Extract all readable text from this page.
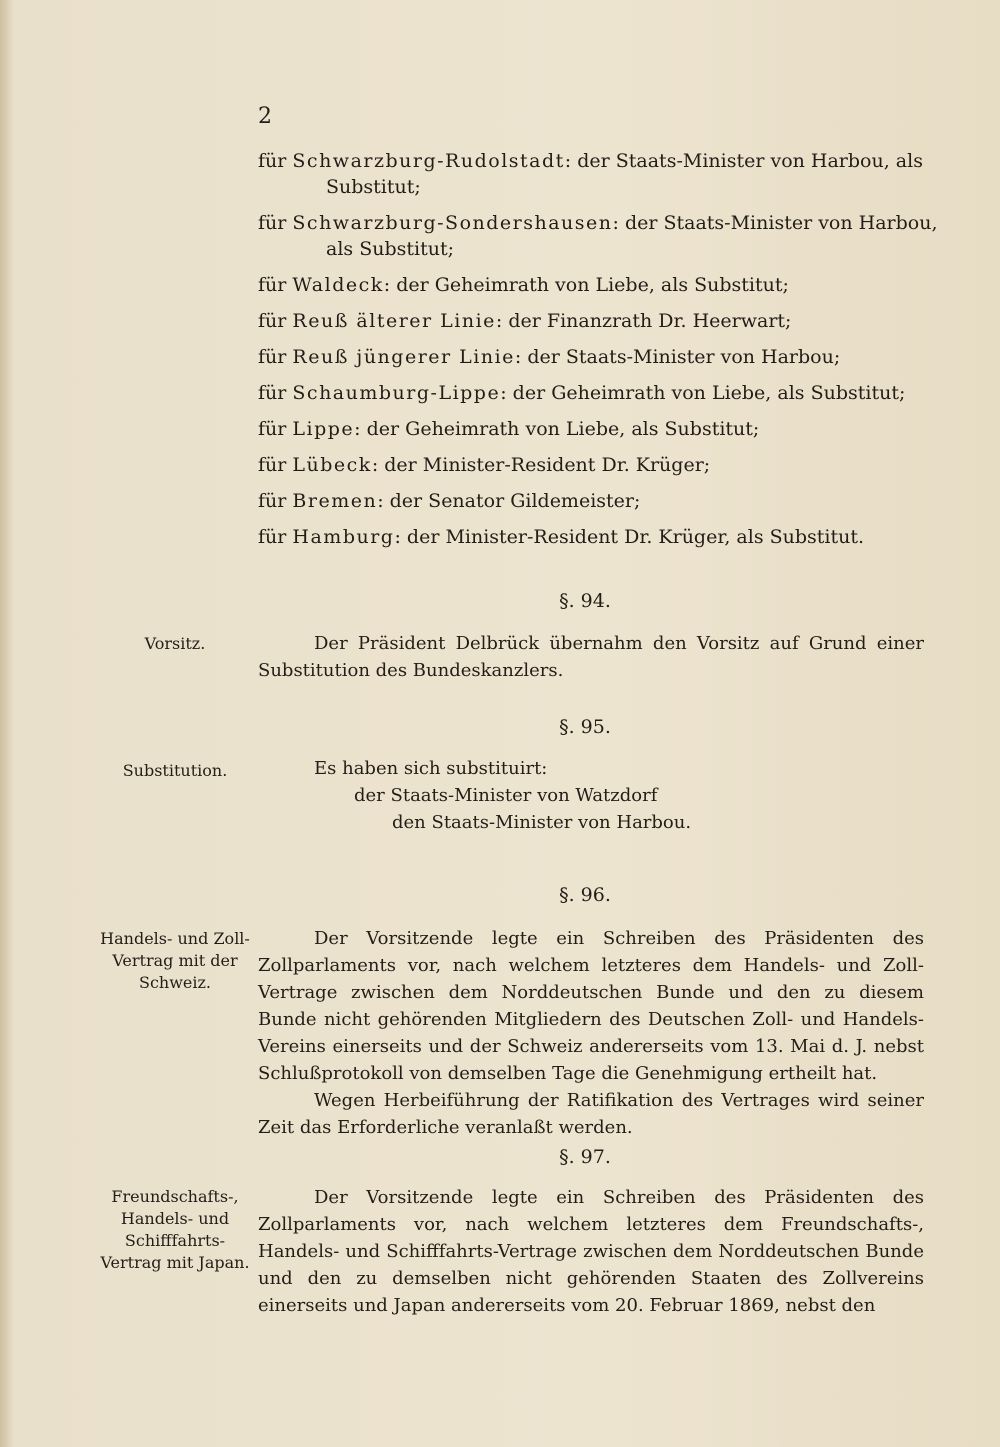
2
für Schwarzburg-Rudolstadt: der Staats-Minister von Harbou, als Substitut;
für Schwarzburg-Sondershausen: der Staats-Minister von Harbou, als Substitut;
für Waldeck: der Geheimrath von Liebe, als Substitut;
für Reuß älterer Linie: der Finanzrath Dr. Heerwart;
für Reuß jüngerer Linie: der Staats-Minister von Harbou;
für Schaumburg-Lippe: der Geheimrath von Liebe, als Substitut;
für Lippe: der Geheimrath von Liebe, als Substitut;
für Lübeck: der Minister-Resident Dr. Krüger;
für Bremen: der Senator Gildemeister;
für Hamburg: der Minister-Resident Dr. Krüger, als Substitut.
§. 94.
Vorsitz.	Der Präsident Delbrück übernahm den Vorsitz auf Grund einer Substitution des Bundeskanzlers.
§. 95.
Substitution.	Es haben sich substituirt:
der Staats-Minister von Watzdorf
den Staats-Minister von Harbou.
§. 96.
Handels- und Zoll-Vertrag mit der Schweiz.
Der Vorsitzende legte ein Schreiben des Präsidenten des Zollparlaments vor, nach welchem letzteres dem Handels- und Zoll-Vertrage zwischen dem Norddeutschen Bunde und den zu diesem Bunde nicht gehörenden Mitgliedern des Deutschen Zoll- und Handels-Vereins einerseits und der Schweiz andererseits vom 13. Mai d. J. nebst Schlußprotokoll von demselben Tage die Genehmigung ertheilt hat.
Wegen Herbeiführung der Ratifikation des Vertrages wird seiner Zeit das Erforderliche veranlaßt werden.
§. 97.
Freundschafts-, Handels- und Schifffahrts-Vertrag mit Japan.
Der Vorsitzende legte ein Schreiben des Präsidenten des Zollparlaments vor, nach welchem letzteres dem Freundschafts-, Handels- und Schifffahrts-Vertrage zwischen dem Norddeutschen Bunde und den zu demselben nicht gehörenden Staaten des Zollvereins einerseits und Japan andererseits vom 20. Februar 1869, nebst den
